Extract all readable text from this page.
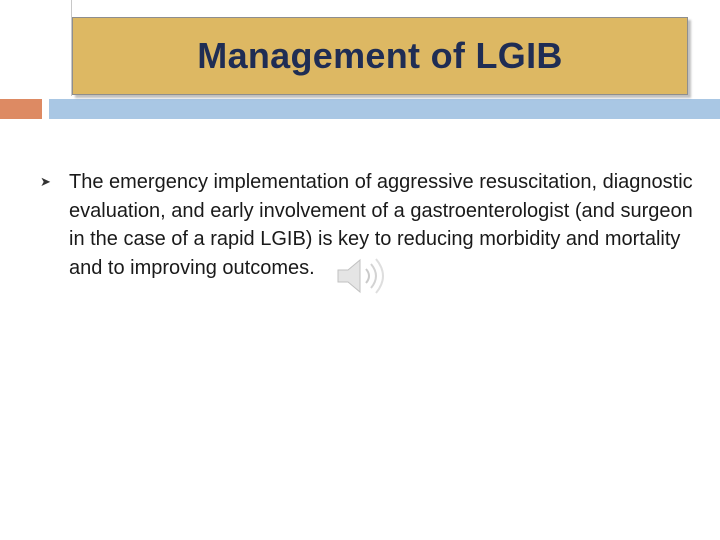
Management of LGIB
➤ The emergency implementation of aggressive resuscitation, diagnostic evaluation, and early involvement of a gastroenterologist (and surgeon in the case of a rapid LGIB) is key to reducing morbidity and mortality and to improving outcomes.
